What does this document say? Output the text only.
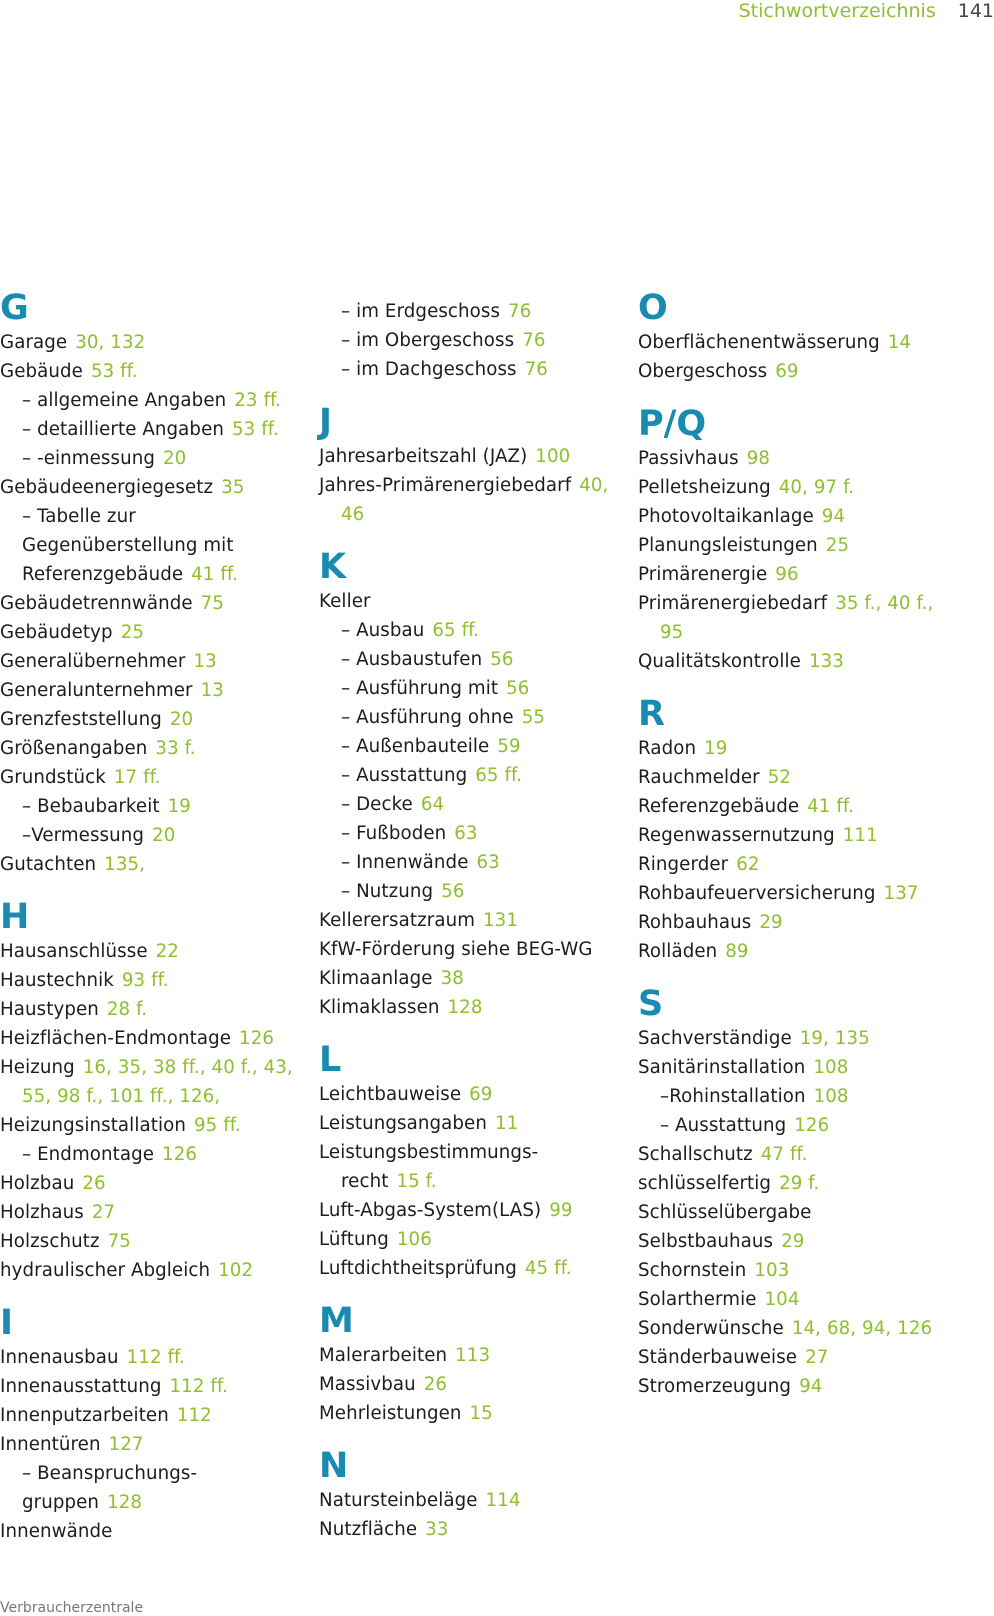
Stichwortverzeichnis 141
G
Garage 30, 132
Gebäude 53 ff.
– allgemeine Angaben 23 ff.
– detaillierte Angaben 53 ff.
– -einmessung 20
Gebäudeenergiegesetz 35
– Tabelle zur
Gegenüberstellung mit
Referenzgebäude 41 ff.
Gebäudetrennwände 75
Gebäudetyp 25
Generalübernehmer 13
Generalunternehmer 13
Grenzfeststellung 20
Größenangaben 33 f.
Grundstück 17 ff.
– Bebaubarkeit 19
–Vermessung 20
Gutachten 135,
H
Hausanschlüsse 22
Haustechnik 93 ff.
Haustypen 28 f.
Heizflächen-Endmontage 126
Heizung 16, 35, 38 ff., 40 f., 43,
55, 98 f., 101 ff., 126,
Heizungsinstallation 95 ff.
– Endmontage 126
Holzbau 26
Holzhaus 27
Holzschutz 75
hydraulischer Abgleich 102
I
Innenausbau 112 ff.
Innenausstattung 112 ff.
Innenputzarbeiten 112
Innentüren 127
– Beanspruchungs-
gruppen 128
Innenwände
– im Erdgeschoss 76
– im Obergeschoss 76
– im Dachgeschoss 76
J
Jahresarbeitszahl (JAZ) 100
Jahres-Primärenergiebedarf 40,
46
K
Keller
– Ausbau 65 ff.
– Ausbaustufen 56
– Ausführung mit 56
– Ausführung ohne 55
– Außenbauteile 59
– Ausstattung 65 ff.
– Decke 64
– Fußboden 63
– Innenwände 63
– Nutzung 56
Kellerersatzraum 131
KfW-Förderung siehe BEG-WG
Klimaanlage 38
Klimaklassen 128
L
Leichtbauweise 69
Leistungsangaben 11
Leistungsbestimmungs-
recht 15 f.
Luft-Abgas-System(LAS) 99
Lüftung 106
Luftdichtheitsprüfung 45 ff.
M
Malerarbeiten 113
Massivbau 26
Mehrleistungen 15
N
Natursteinbeläge 114
Nutzfläche 33
O
Oberflächenentwässerung 14
Obergeschoss 69
P/Q
Passivhaus 98
Pelletsheizung 40, 97 f.
Photovoltaikanlage 94
Planungsleistungen 25
Primärenergie 96
Primärenergiebedarf 35 f., 40 f.,
95
Qualitätskontrolle 133
R
Radon 19
Rauchmelder 52
Referenzgebäude 41 ff.
Regenwassernutzung 111
Ringerder 62
Rohbaufeuerversicherung 137
Rohbauhaus 29
Rolläden 89
S
Sachverständige 19, 135
Sanitärinstallation 108
–Rohinstallation 108
– Ausstattung 126
Schallschutz 47 ff.
schlüsselfertig 29 f.
Schlüsselübergabe
Selbstbauhaus 29
Schornstein 103
Solarthermie 104
Sonderwünsche 14, 68, 94, 126
Ständerbauweise 27
Stromerzeugung 94
Verbraucherzentrale
